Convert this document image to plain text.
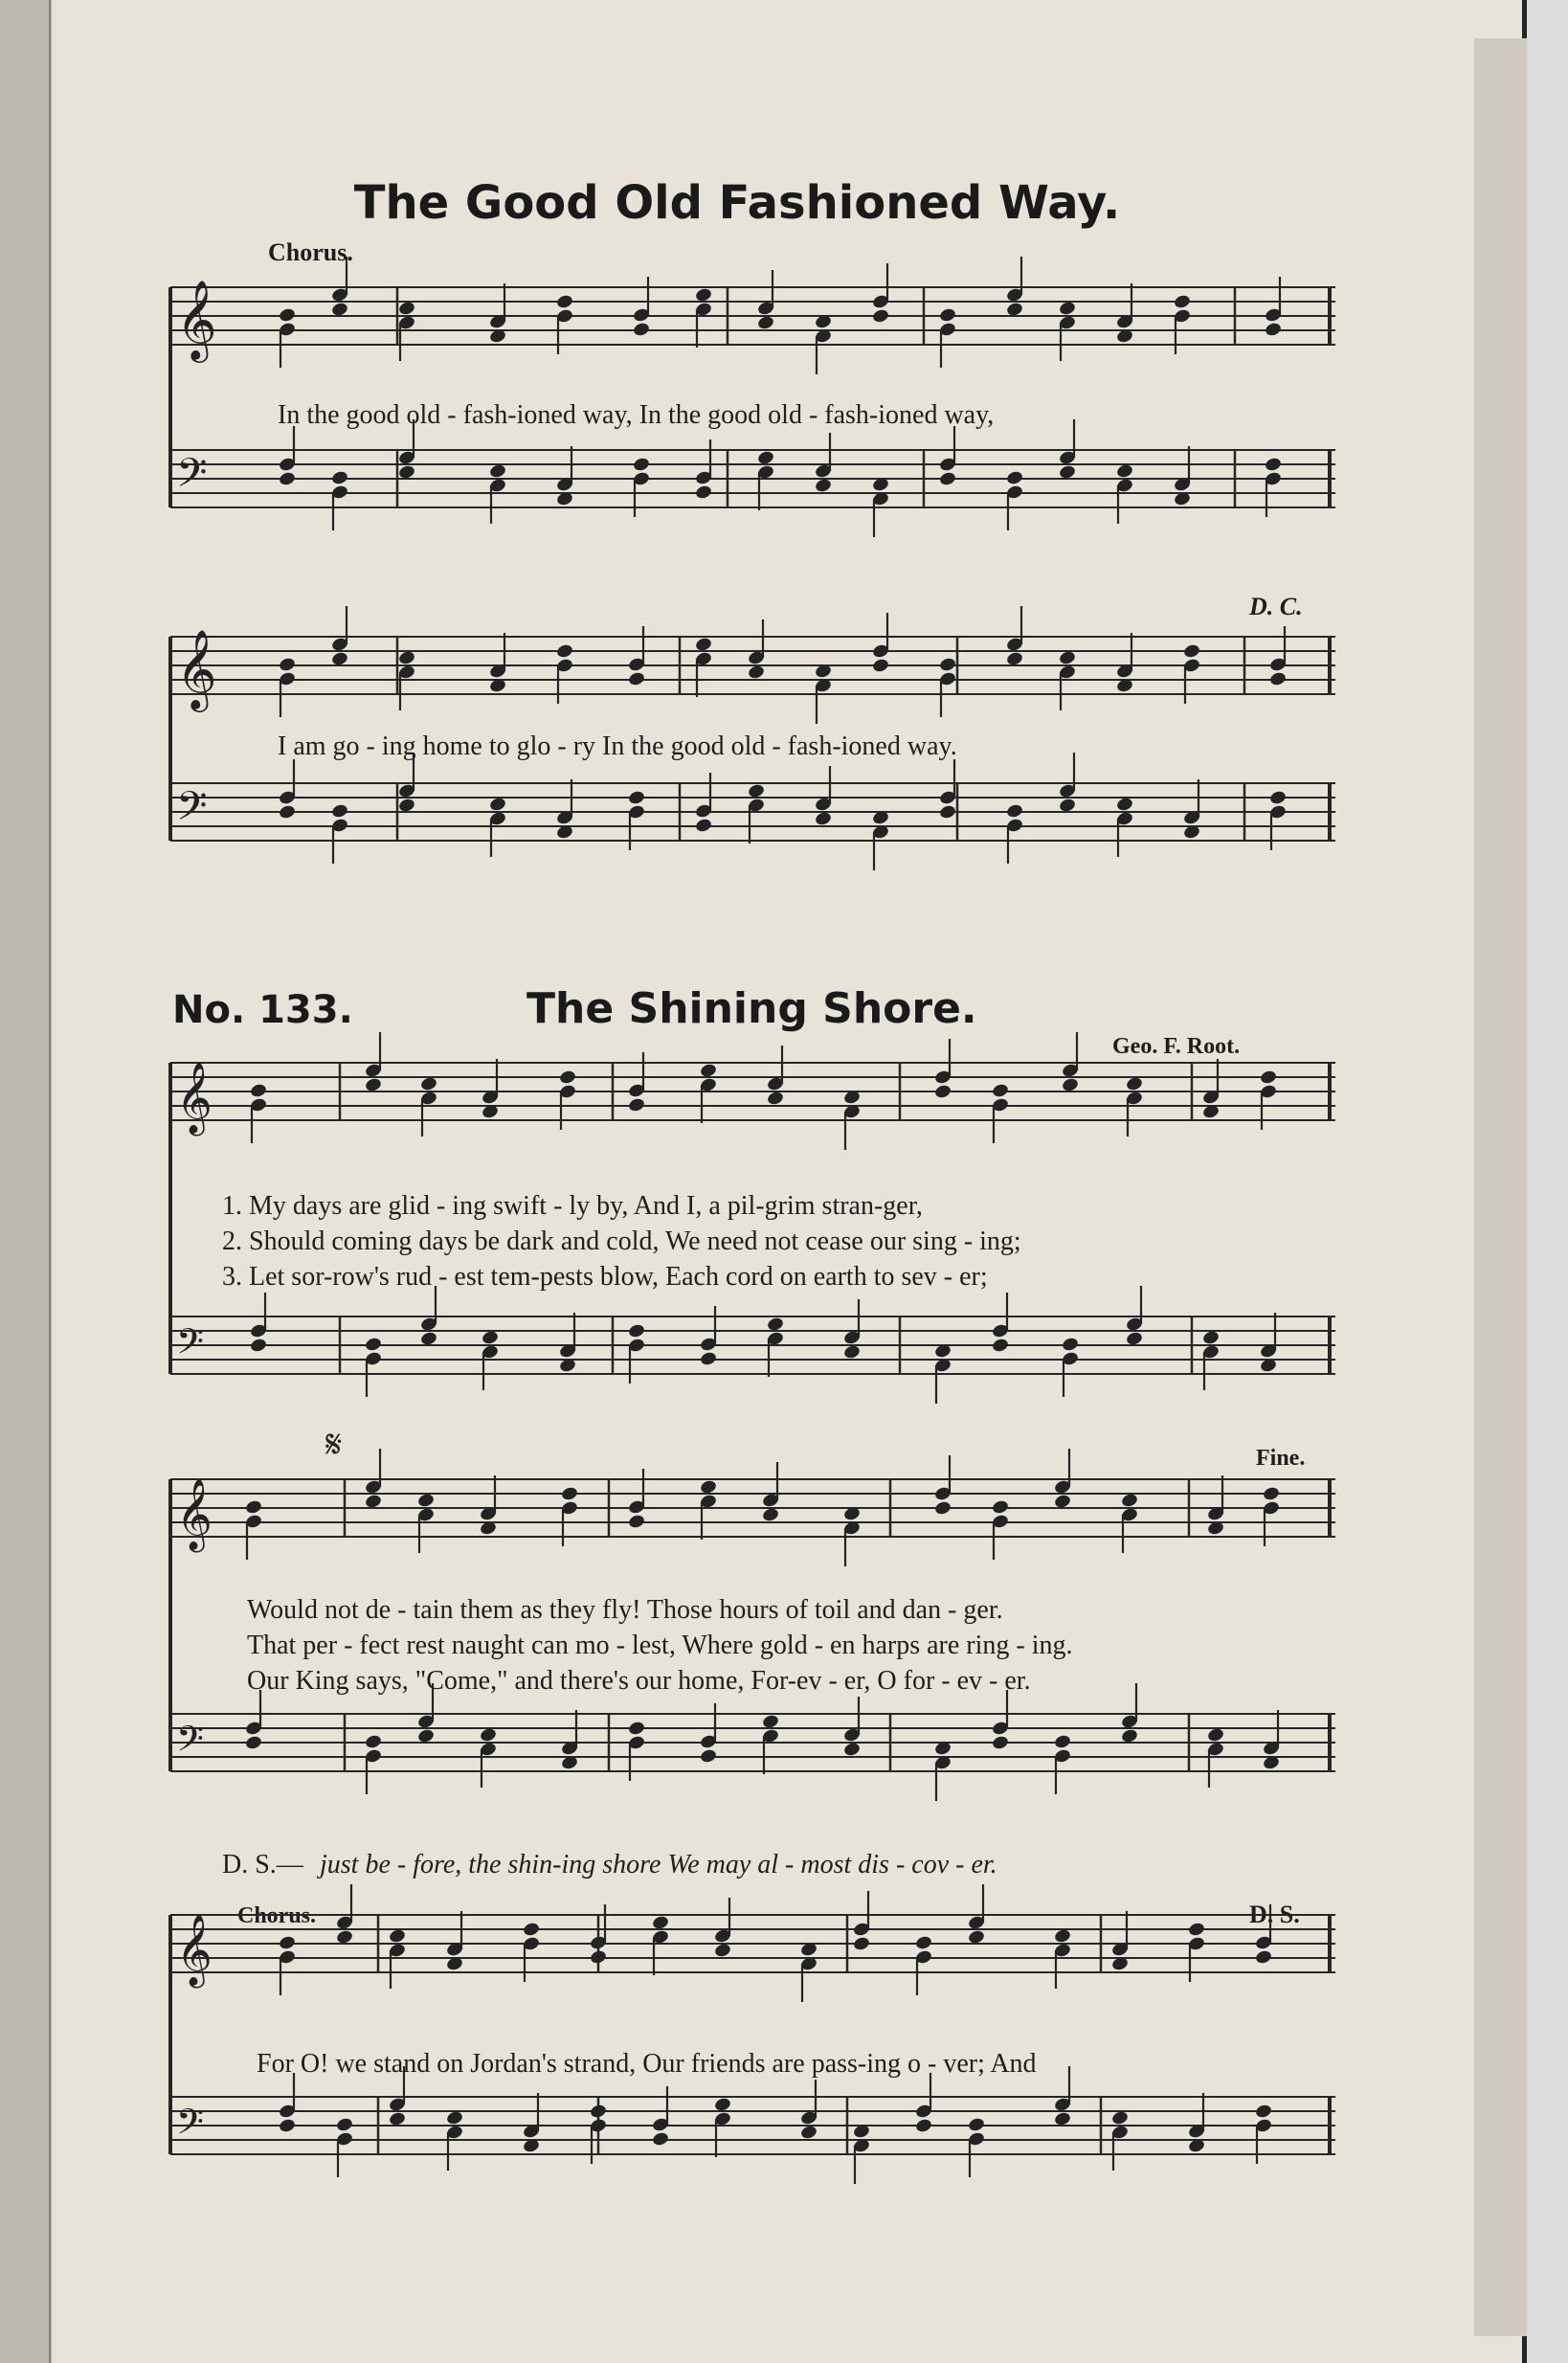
The Good Old Fashioned Way.
Chorus.
𝄞
𝄢
In the good old - fash-ioned way, In the good old - fash-ioned way,
D. C.
𝄞
𝄢
I am go - ing home to glo - ry In the good old - fash-ioned way.
No. 133.	The Shining Shore.
Geo. F. Root.
𝄞
𝄢
1. My days are glid - ing swift - ly by, And I, a pil-grim stran-ger,
2. Should coming days be dark and cold, We need not cease our sing - ing;
3. Let sor-row's rud - est tem-pests blow, Each cord on earth to sev - er;
Fine.
𝄋
𝄞
𝄢
Would not de - tain them as they fly! Those hours of toil and dan - ger.
That per - fect rest naught can mo - lest, Where gold - en harps are ring - ing.
Our King says, "Come," and there's our home, For-ev - er, O for - ev - er.
D. S.— just be - fore, the shin-ing shore We may al - most dis - cov - er.
Chorus.	D. S.
𝄞
𝄢
For O! we stand on Jordan's strand, Our friends are pass-ing o - ver; And
